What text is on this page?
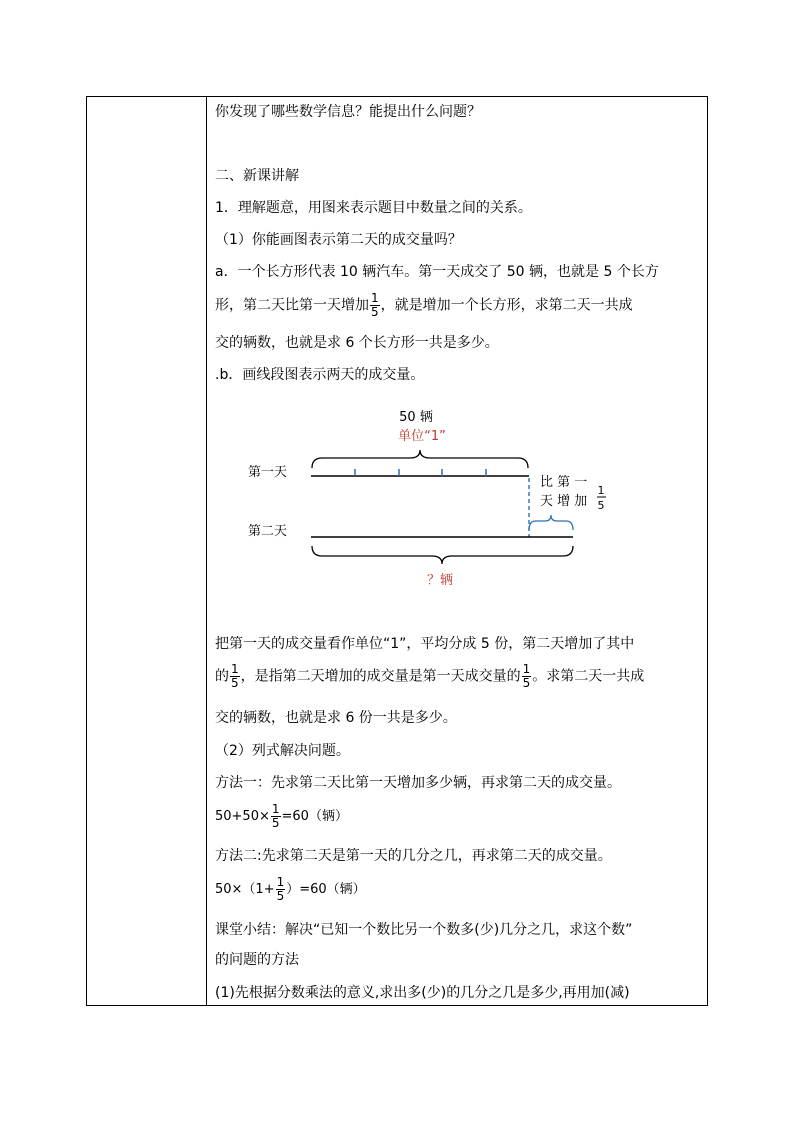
你发现了哪些数学信息？能提出什么问题？
二、新课讲解
1．理解题意，用图来表示题目中数量之间的关系。
（1）你能画图表示第二天的成交量吗？
a．一个长方形代表 10 辆汽车。第一天成交了 50 辆，也就是 5 个长方
形，第二天比第一天增加 $\frac{1}{5}$ ，就是增加一个长方形，求第二天一共成
交的辆数，也就是求 6 个长方形一共是多少。
.b．画线段图表示两天的成交量。
50 辆
单位“1”
第一天
比 第 一
天 增 加
1
5
第二天
？辆
把第一天的成交量看作单位“1”，平均分成 5 份，第二天增加了其中
的 $\frac{1}{5}$ ，是指第二天增加的成交量是第一天成交量的 $\frac{1}{5}$ 。求第二天一共成
交的辆数，也就是求 6 份一共是多少。
（2）列式解决问题。
方法一：先求第二天比第一天增加多少辆，再求第二天的成交量。
$50+50\times \frac{1}{5} =60$（辆）
方法二:先求第二天是第一天的几分之几，再求第二天的成交量。
$50\times(1+ \frac{1}{5} )=60$（辆）
课堂小结：解决“已知一个数比另一个数多(少)几分之几，求这个数”
的问题的方法
(1)先根据分数乘法的意义,求出多(少)的几分之几是多少,再用加(减)
